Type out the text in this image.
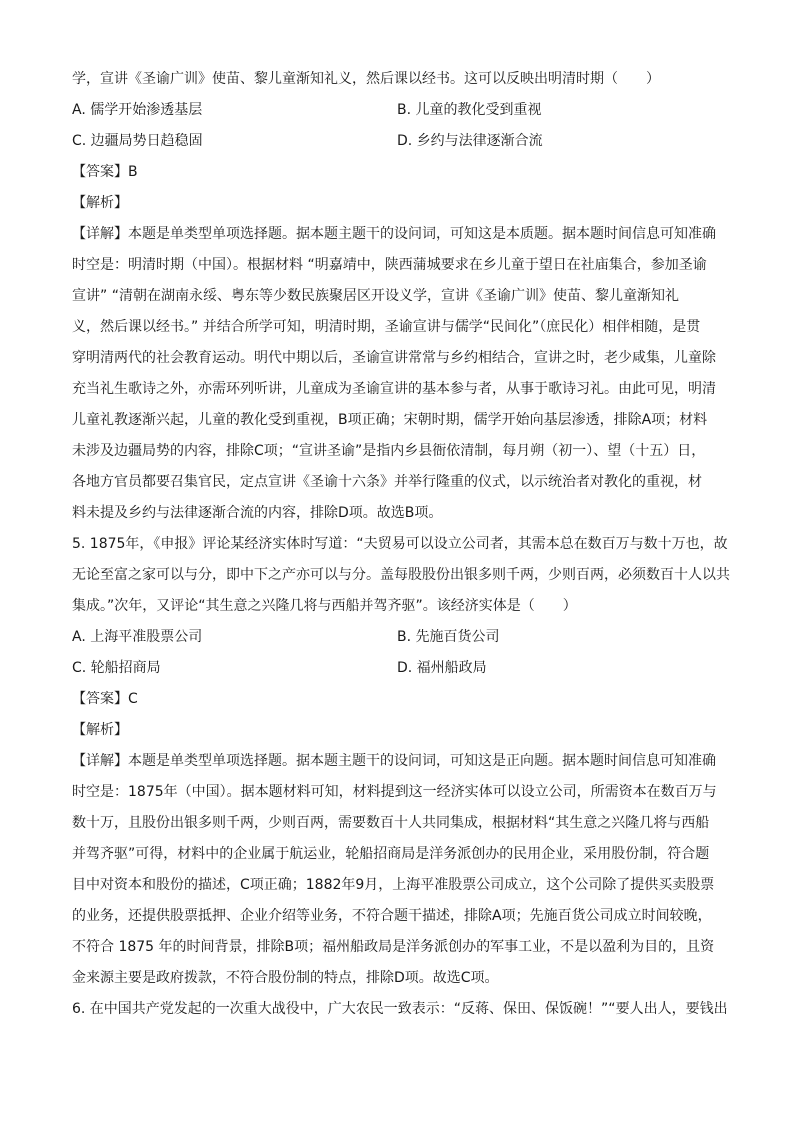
学，宣讲《圣谕广训》使苗、黎儿童渐知礼义，然后课以经书。这可以反映出明清时期（　　）
A. 儒学开始渗透基层	B. 儿童的教化受到重视
C. 边疆局势日趋稳固	D. 乡约与法律逐渐合流
【答案】B
【解析】
【详解】本题是单类型单项选择题。据本题主题干的设问词，可知这是本质题。据本题时间信息可知准确
时空是：明清时期（中国）。根据材料 “明嘉靖中，陕西蒲城要求在乡儿童于望日在社庙集合，参加圣谕
宣讲” “清朝在湖南永绥、粤东等少数民族聚居区开设义学，宣讲《圣谕广训》使苗、黎儿童渐知礼
义，然后课以经书。” 并结合所学可知，明清时期，圣谕宣讲与儒学“民间化”（庶民化）相伴相随，是贯
穿明清两代的社会教育运动。明代中期以后，圣谕宣讲常常与乡约相结合，宣讲之时，老少咸集，儿童除
充当礼生歌诗之外，亦需环列听讲，儿童成为圣谕宣讲的基本参与者，从事于歌诗习礼。由此可见，明清
儿童礼教逐渐兴起，儿童的教化受到重视，B项正确；宋朝时期，儒学开始向基层渗透，排除A项；材料
未涉及边疆局势的内容，排除C项；“宣讲圣谕”是指内乡县衙依清制，每月朔（初一）、望（十五）日，
各地方官员都要召集官民，定点宣讲《圣谕十六条》并举行隆重的仪式，以示统治者对教化的重视，材
料未提及乡约与法律逐渐合流的内容，排除D项。故选B项。
5. 1875年，《申报》评论某经济实体时写道：“夫贸易可以设立公司者，其需本总在数百万与数十万也，故
无论至富之家可以与分，即中下之产亦可以与分。盖每股股份出银多则千两，少则百两，必须数百十人以共
集成。”次年，又评论“其生意之兴隆几将与西船并驾齐驱”。该经济实体是（　　）
A. 上海平准股票公司	B. 先施百货公司
C. 轮船招商局	D. 福州船政局
【答案】C
【解析】
【详解】本题是单类型单项选择题。据本题主题干的设问词，可知这是正向题。据本题时间信息可知准确
时空是：1875年（中国）。据本题材料可知，材料提到这一经济实体可以设立公司，所需资本在数百万与
数十万，且股份出银多则千两，少则百两，需要数百十人共同集成，根据材料“其生意之兴隆几将与西船
并驾齐驱”可得，材料中的企业属于航运业，轮船招商局是洋务派创办的民用企业，采用股份制，符合题
目中对资本和股份的描述，C项正确；1882年9月，上海平准股票公司成立，这个公司除了提供买卖股票
的业务，还提供股票抵押、企业介绍等业务，不符合题干描述，排除A项；先施百货公司成立时间较晚，
不符合 1875 年的时间背景，排除B项；福州船政局是洋务派创办的军事工业，不是以盈利为目的，且资
金来源主要是政府拨款，不符合股份制的特点，排除D项。故选C项。
6. 在中国共产党发起的一次重大战役中，广大农民一致表示：“反蒋、保田、保饭碗！”“要人出人，要钱出
